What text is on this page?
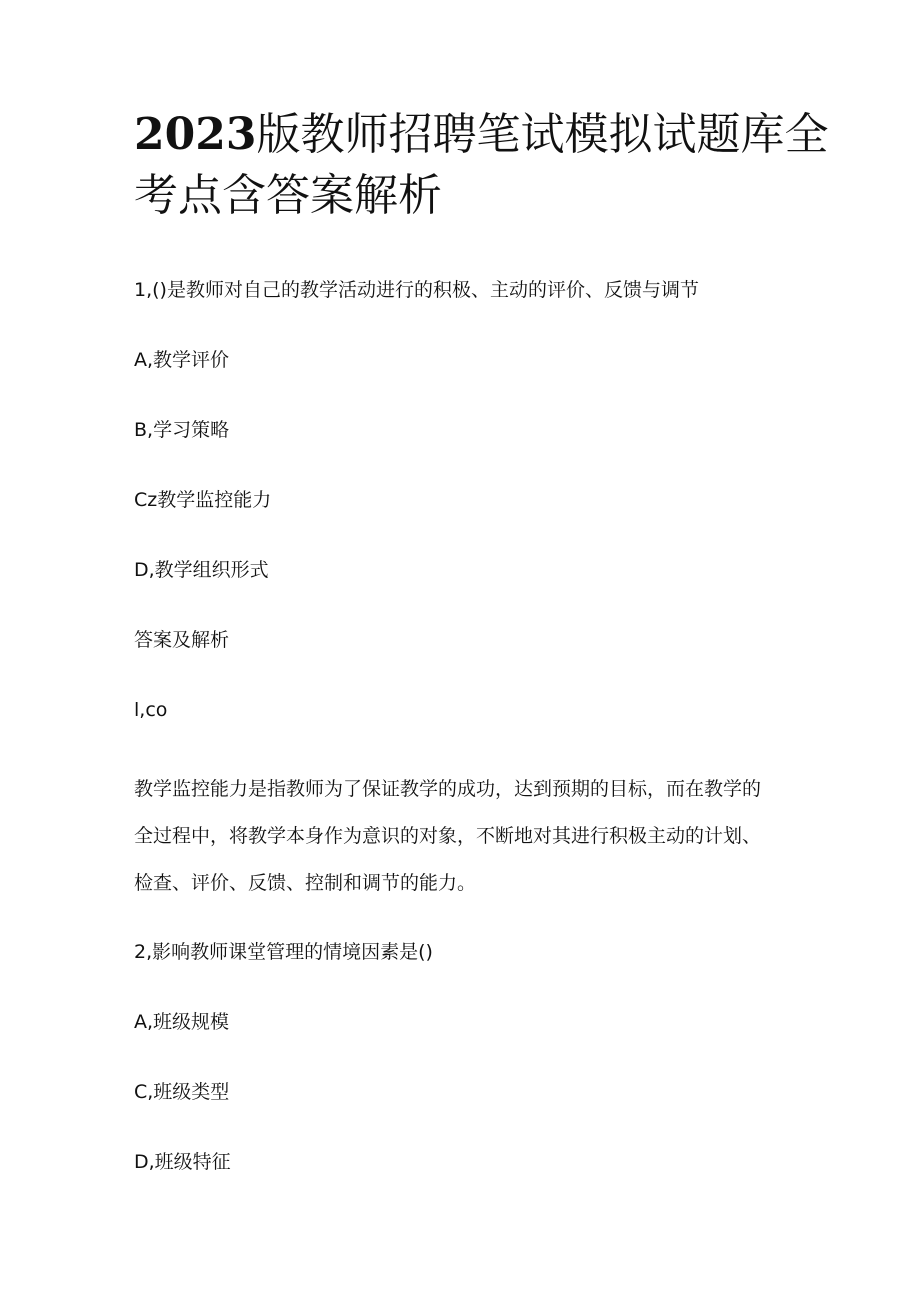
2023版教师招聘笔试模拟试题库全
考点含答案解析

1,()是教师对自己的教学活动进行的积极、主动的评价、反馈与调节

A,教学评价

B,学习策略

Cz教学监控能力

D,教学组织形式

答案及解析

l,co

教学监控能力是指教师为了保证教学的成功，达到预期的目标，而在教学的
全过程中，将教学本身作为意识的对象，不断地对其进行积极主动的计划、
检查、评价、反馈、控制和调节的能力。

2,影响教师课堂管理的情境因素是()

A,班级规模

C,班级类型

D,班级特征
